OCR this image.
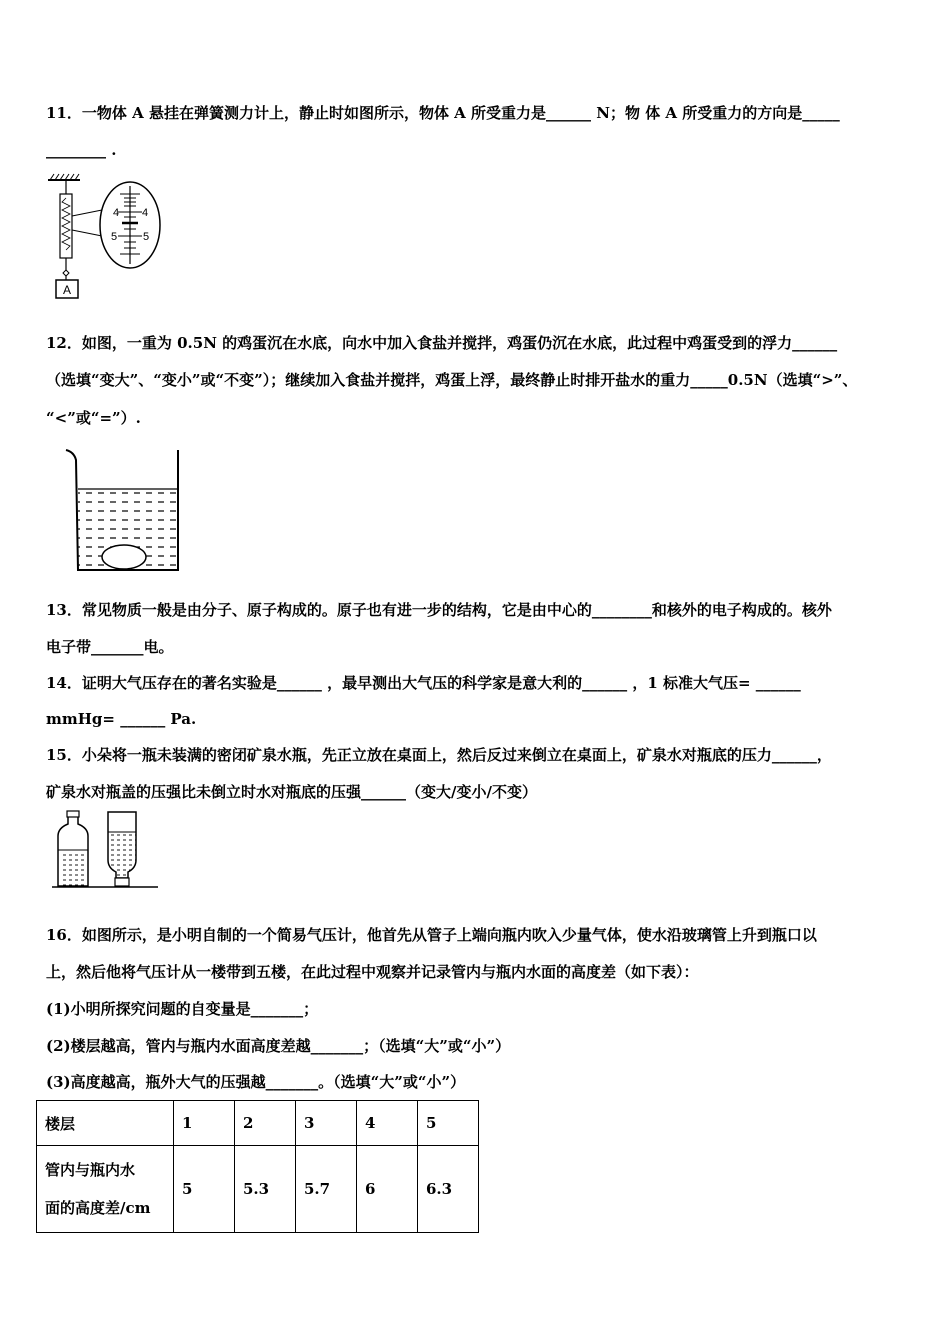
11．一物体 A 悬挂在弹簧测力计上，静止时如图所示，物体 A 所受重力是______ N；物 体 A 所受重力的方向是_____
________ .
A
4 4
5 5
12．如图，一重为 0.5N 的鸡蛋沉在水底，向水中加入食盐并搅拌，鸡蛋仍沉在水底，此过程中鸡蛋受到的浮力______
（选填“变大”、“变小”或“不变”）；继续加入食盐并搅拌，鸡蛋上浮，最终静止时排开盐水的重力_____0.5N（选填“>”、
“<”或“=”）.
13．常见物质一般是由分子、原子构成的。原子也有进一步的结构，它是由中心的________和核外的电子构成的。核外
电子带_______电。
14．证明大气压存在的著名实验是______ ，最早测出大气压的科学家是意大利的______ ，1 标准大气压= ______
mmHg= ______ Pa.
15．小朵将一瓶未装满的密闭矿泉水瓶，先正立放在桌面上，然后反过来倒立在桌面上，矿泉水对瓶底的压力______，
矿泉水对瓶盖的压强比未倒立时水对瓶底的压强______（变大/变小/不变）
16．如图所示，是小明自制的一个简易气压计，他首先从管子上端向瓶内吹入少量气体，使水沿玻璃管上升到瓶口以
上，然后他将气压计从一楼带到五楼，在此过程中观察并记录管内与瓶内水面的高度差（如下表）：
(1)小明所探究问题的自变量是_______；
(2)楼层越高，管内与瓶内水面高度差越_______；（选填“大”或“小”）
(3)高度越高，瓶外大气的压强越_______。（选填“大”或“小”）
楼层	1	2	3	4	5

管内与瓶内水
面的高度差/cm	5	5.3	5.7	6	6.3
